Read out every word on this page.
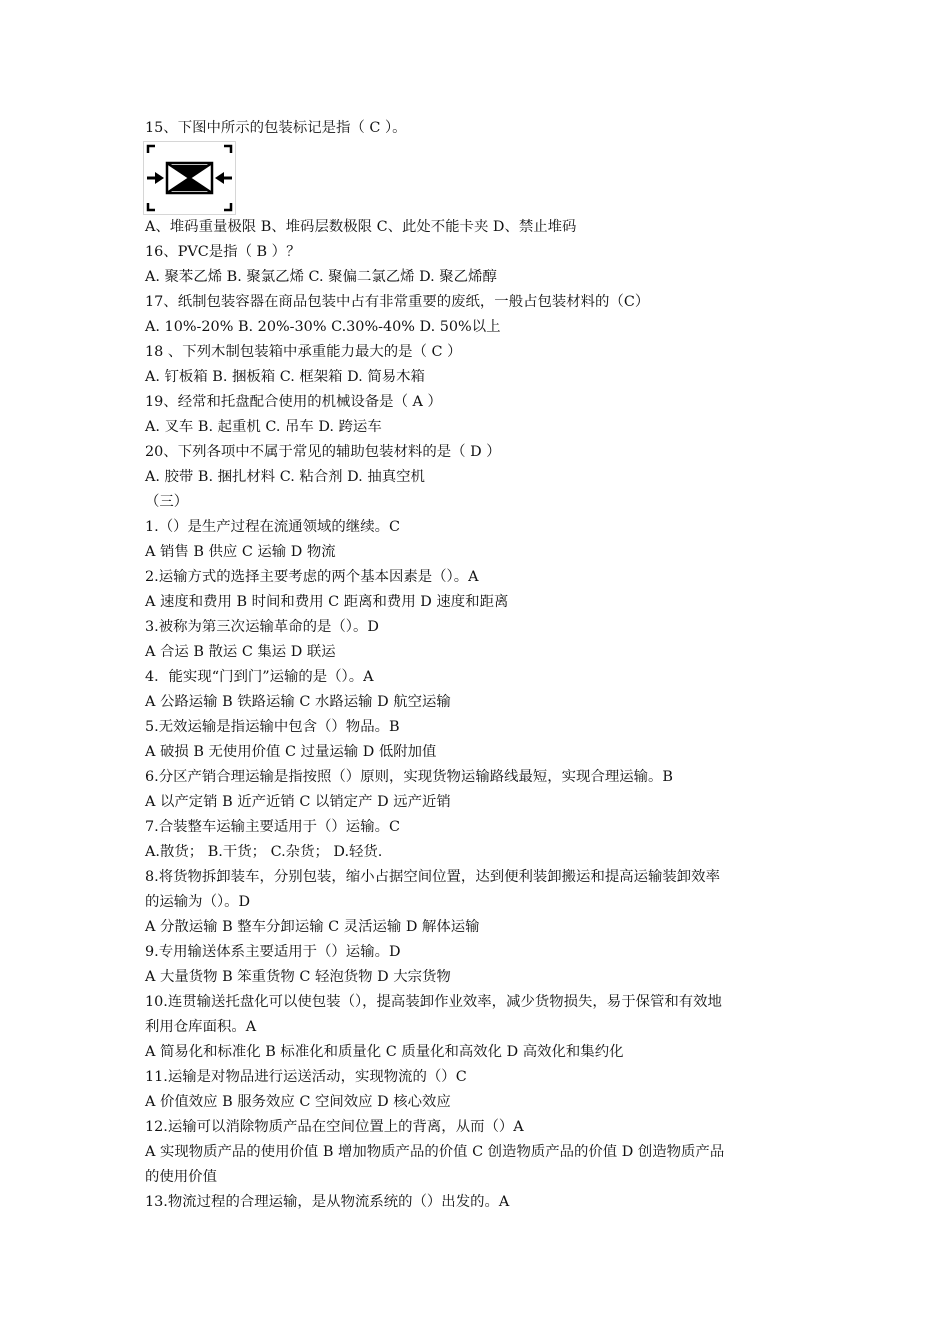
15、下图中所示的包装标记是指（ C ）。
A、堆码重量极限 B、堆码层数极限 C、此处不能卡夹 D、禁止堆码
16、PVC是指（ B ）？
A. 聚苯乙烯 B. 聚氯乙烯 C. 聚偏二氯乙烯 D. 聚乙烯醇
17、纸制包装容器在商品包装中占有非常重要的废纸，一般占包装材料的（C）
A. 10%-20% B. 20%-30% C.30%-40% D. 50%以上
18 、下列木制包装箱中承重能力最大的是（ C ）
A. 钉板箱 B. 捆板箱 C. 框架箱 D. 简易木箱
19、经常和托盘配合使用的机械设备是（ A ）
A. 叉车 B. 起重机 C. 吊车 D. 跨运车
20、下列各项中不属于常见的辅助包装材料的是（ D ）
A. 胶带 B. 捆扎材料 C. 粘合剂 D. 抽真空机
（三）
1.（）是生产过程在流通领域的继续。C
A 销售 B 供应 C 运输 D 物流
2.运输方式的选择主要考虑的两个基本因素是（）。A
A 速度和费用 B 时间和费用 C 距离和费用 D 速度和距离
3.被称为第三次运输革命的是（）。D
A 合运 B 散运 C 集运 D 联运
4．能实现“门到门”运输的是（）。A
A 公路运输 B 铁路运输 C 水路运输 D 航空运输
5.无效运输是指运输中包含（）物品。B
A 破损 B 无使用价值 C 过量运输 D 低附加值
6.分区产销合理运输是指按照（）原则，实现货物运输路线最短，实现合理运输。B
A 以产定销 B 近产近销 C 以销定产 D 远产近销
7.合装整车运输主要适用于（）运输。C
A.散货； B.干货； C.杂货； D.轻货.
8.将货物拆卸装车，分别包装，缩小占据空间位置，达到便利装卸搬运和提高运输装卸效率
的运输为（）。D
A 分散运输 B 整车分卸运输 C 灵活运输 D 解体运输
9.专用输送体系主要适用于（）运输。D
A 大量货物 B 笨重货物 C 轻泡货物 D 大宗货物
10.连贯输送托盘化可以使包装（），提高装卸作业效率，减少货物损失，易于保管和有效地
利用仓库面积。A
A 简易化和标准化 B 标准化和质量化 C 质量化和高效化 D 高效化和集约化
11.运输是对物品进行运送活动，实现物流的（）C
A 价值效应 B 服务效应 C 空间效应 D 核心效应
12.运输可以消除物质产品在空间位置上的背离，从而（）A
A 实现物质产品的使用价值 B 增加物质产品的价值 C 创造物质产品的价值 D 创造物质产品
的使用价值
13.物流过程的合理运输，是从物流系统的（）出发的。A
